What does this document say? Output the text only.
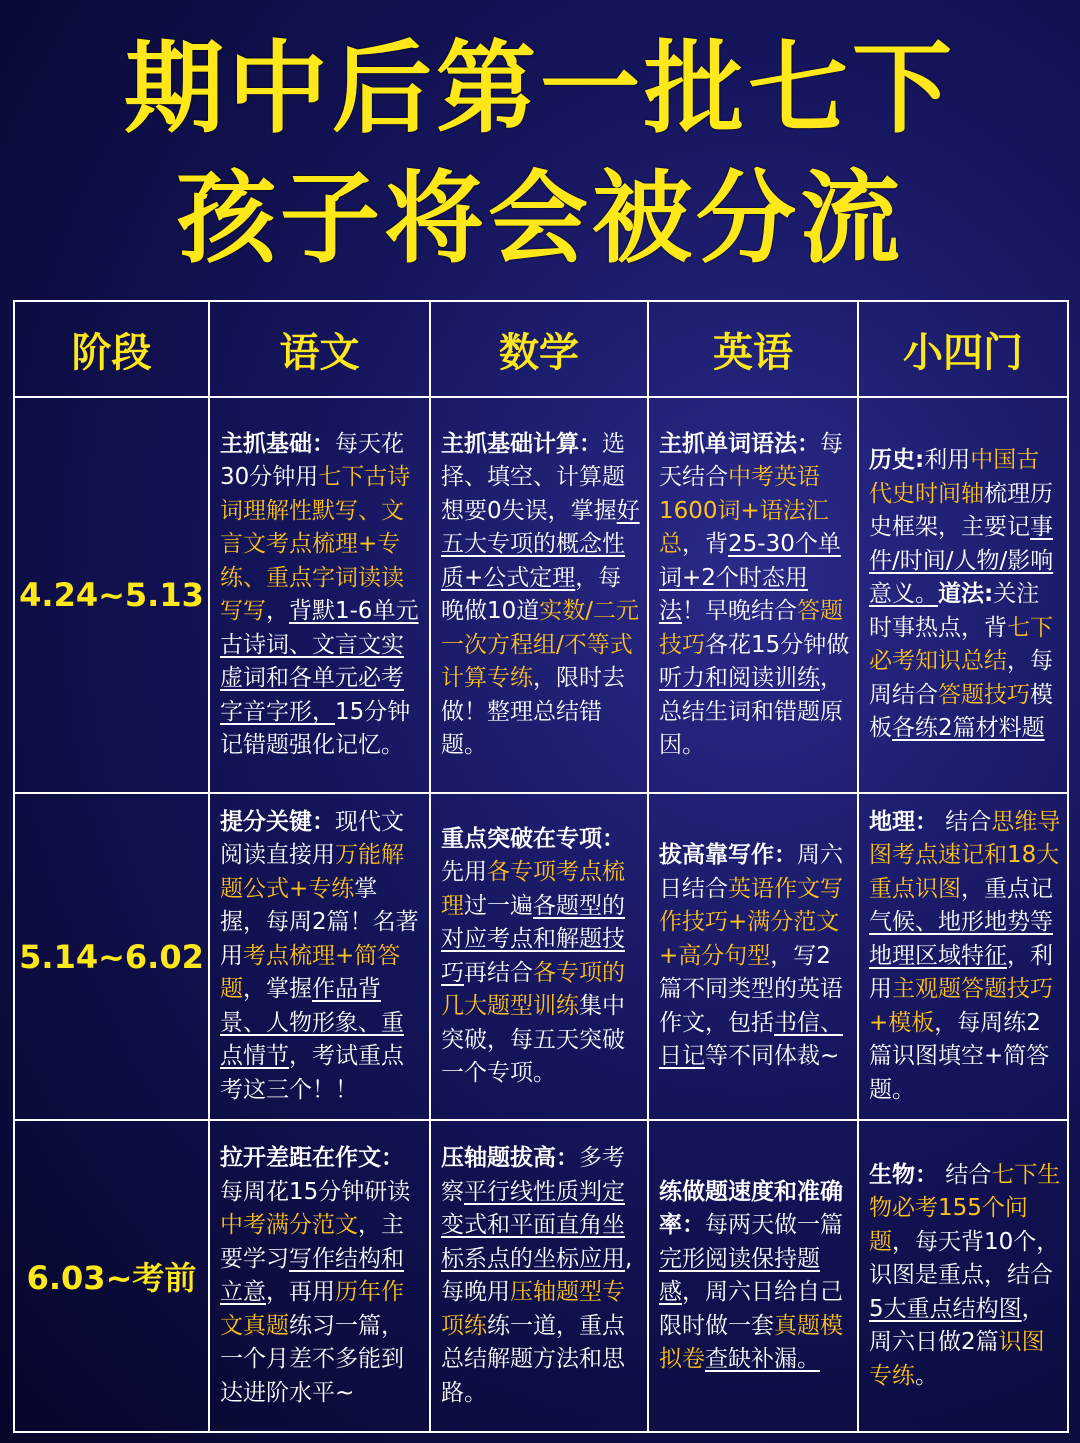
期中后第一批七下
孩子将会被分流
阶段	语文	数学	英语	小四门
4.24~5.13	主抓基础：每天花30分钟用七下古诗词理解性默写、文言文考点梳理+专练、重点字词读读写写，背默1-6单元古诗词、文言文实虚词和各单元必考字音字形，15分钟记错题强化记忆。	主抓基础计算：选择、填空、计算题想要0失误，掌握好五大专项的概念性质+公式定理，每晚做10道实数/二元一次方程组/不等式计算专练，限时去做！整理总结错题。	主抓单词语法：每天结合中考英语1600词+语法汇总，背25-30个单词+2个时态用法！早晚结合答题技巧各花15分钟做听力和阅读训练，总结生词和错题原因。	历史:利用中国古代史时间轴梳理历史框架，主要记事件/时间/人物/影响意义。道法:关注时事热点，背七下必考知识总结，每周结合答题技巧模板各练2篇材料题
5.14~6.02	提分关键：现代文阅读直接用万能解题公式+专练掌握，每周2篇！名著用考点梳理+简答题，掌握作品背景、人物形象、重点情节，考试重点考这三个！！	重点突破在专项：先用各专项考点梳理过一遍各题型的对应考点和解题技巧再结合各专项的几大题型训练集中突破，每五天突破一个专项。	拔高靠写作：周六日结合英语作文写作技巧+满分范文+高分句型，写2篇不同类型的英语作文，包括书信、日记等不同体裁~	地理： 结合思维导图考点速记和18大重点识图，重点记气候、地形地势等地理区域特征，利用主观题答题技巧+模板，每周练2篇识图填空+简答题。
6.03~考前	拉开差距在作文：每周花15分钟研读中考满分范文，主要学习写作结构和立意，再用历年作文真题练习一篇，一个月差不多能到达进阶水平~	压轴题拔高：多考察平行线性质判定变式和平面直角坐标系点的坐标应用,每晚用压轴题型专项练练一道，重点总结解题方法和思路。	练做题速度和准确率：每两天做一篇完形阅读保持题感，周六日给自己限时做一套真题模拟卷查缺补漏。	生物： 结合七下生物必考155个问题，每天背10个，识图是重点，结合5大重点结构图，周六日做2篇识图专练。
